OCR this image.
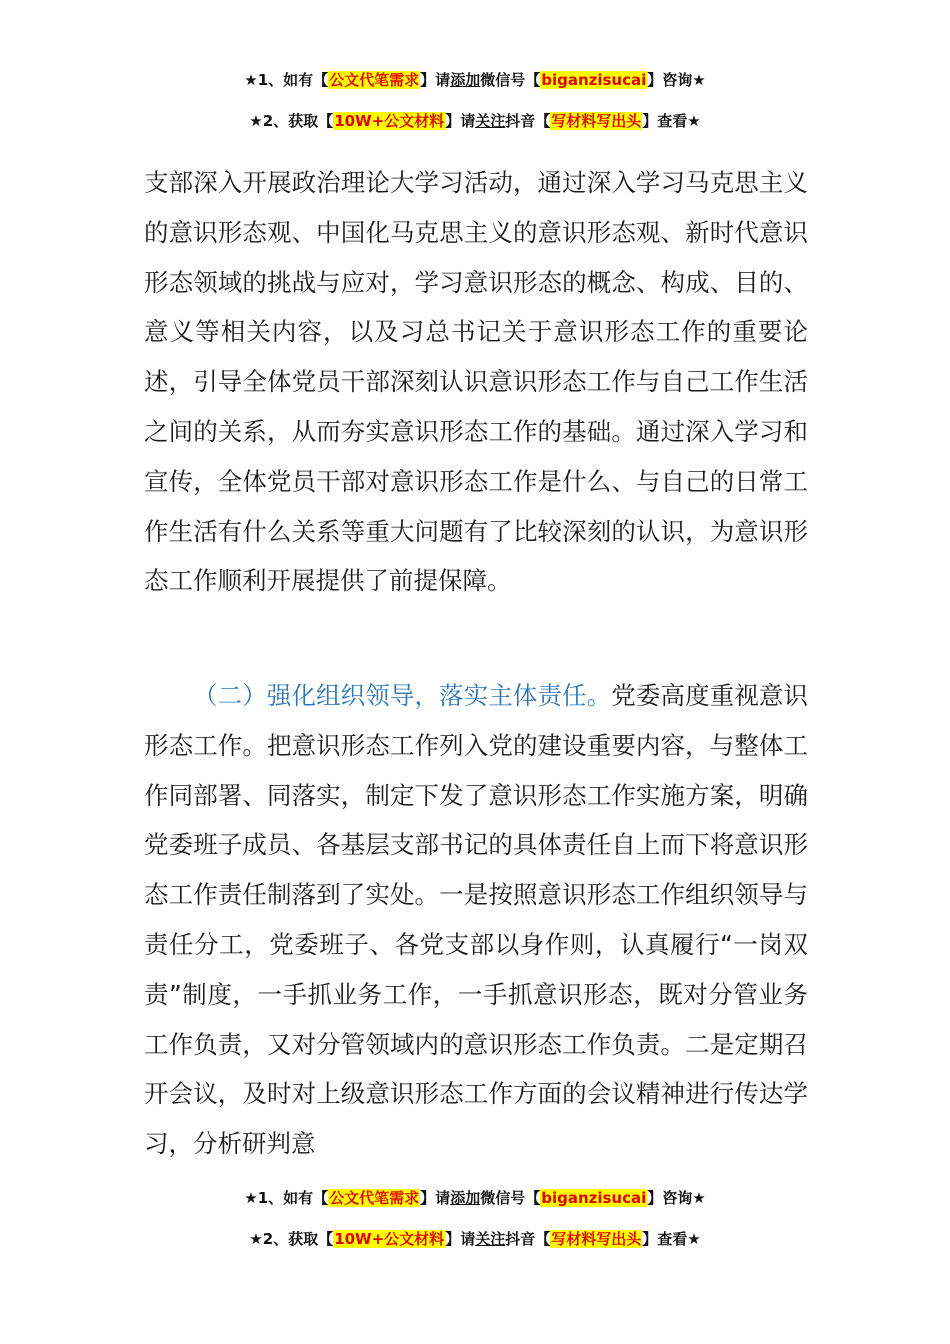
★1、如有【公文代笔需求】请添加微信号【biganzisucai】咨询★
★2、获取【10W+公文材料】请关注抖音【写材料写出头】查看★

支部深入开展政治理论大学习活动，通过深入学习马克思主义的意识形态观、中国化马克思主义的意识形态观、新时代意识形态领域的挑战与应对，学习意识形态的概念、构成、目的、意义等相关内容，以及习总书记关于意识形态工作的重要论述，引导全体党员干部深刻认识意识形态工作与自己工作生活之间的关系，从而夯实意识形态工作的基础。通过深入学习和宣传，全体党员干部对意识形态工作是什么、与自己的日常工作生活有什么关系等重大问题有了比较深刻的认识，为意识形态工作顺利开展提供了前提保障。

（二）强化组织领导，落实主体责任。党委高度重视意识形态工作。把意识形态工作列入党的建设重要内容，与整体工作同部署、同落实，制定下发了意识形态工作实施方案，明确党委班子成员、各基层支部书记的具体责任自上而下将意识形态工作责任制落到了实处。一是按照意识形态工作组织领导与责任分工，党委班子、各党支部以身作则，认真履行“一岗双责”制度，一手抓业务工作，一手抓意识形态，既对分管业务工作负责，又对分管领域内的意识形态工作负责。二是定期召开会议，及时对上级意识形态工作方面的会议精神进行传达学习，分析研判意

★1、如有【公文代笔需求】请添加微信号【biganzisucai】咨询★
★2、获取【10W+公文材料】请关注抖音【写材料写出头】查看★
